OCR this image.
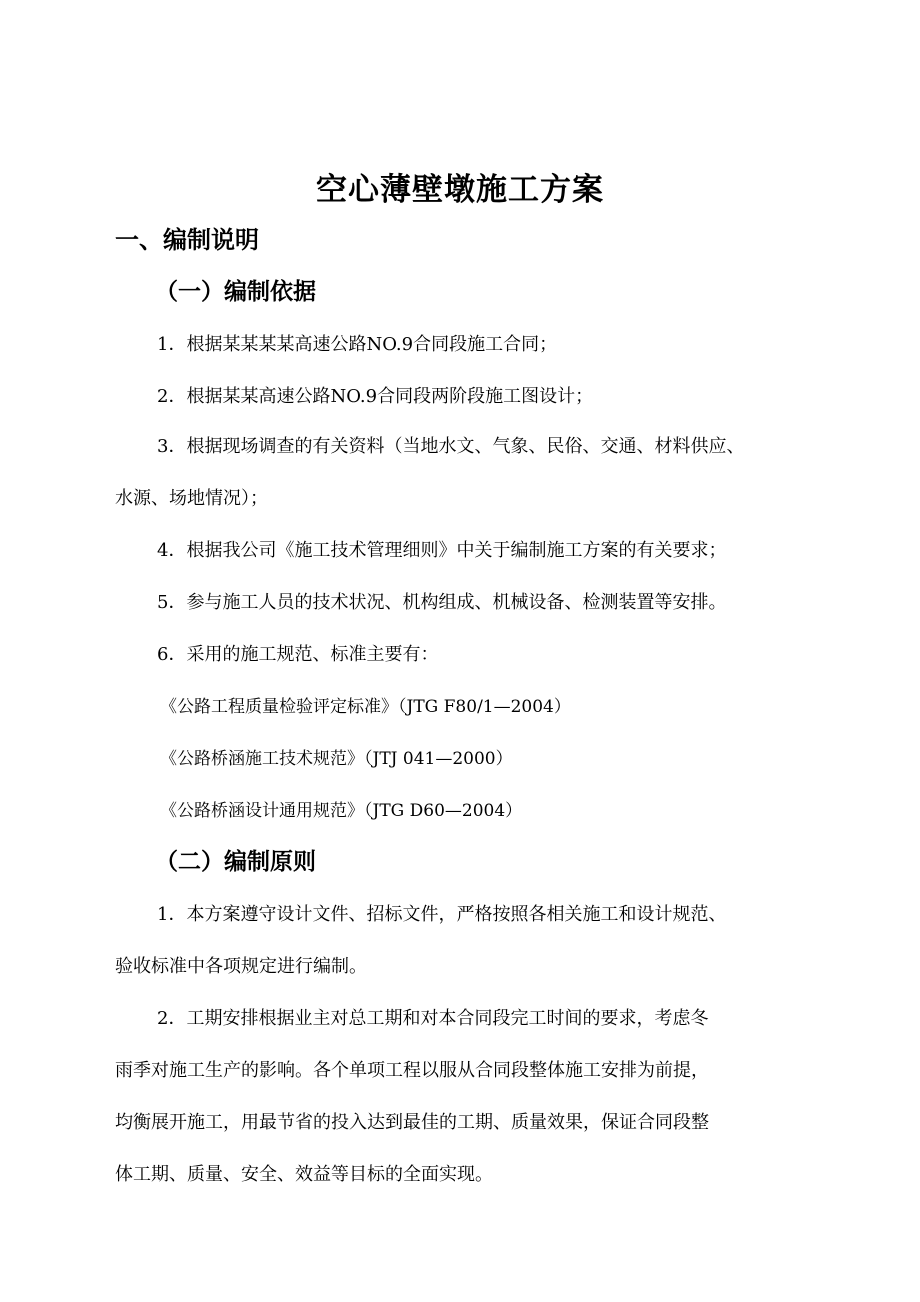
空心薄壁墩施工方案
一、编制说明
（一）编制依据
1．根据某某某某高速公路NO.9合同段施工合同；
2．根据某某高速公路NO.9合同段两阶段施工图设计；
3．根据现场调查的有关资料（当地水文、气象、民俗、交通、材料供应、
水源、场地情况）；
4．根据我公司《施工技术管理细则》中关于编制施工方案的有关要求；
5．参与施工人员的技术状况、机构组成、机械设备、检测装置等安排。
6．采用的施工规范、标准主要有：
《公路工程质量检验评定标准》（JTG F80/1—2004）
《公路桥涵施工技术规范》（JTJ 041—2000）
《公路桥涵设计通用规范》（JTG D60—2004）
（二）编制原则
1．本方案遵守设计文件、招标文件，严格按照各相关施工和设计规范、
验收标准中各项规定进行编制。
2．工期安排根据业主对总工期和对本合同段完工时间的要求，考虑冬
雨季对施工生产的影响。各个单项工程以服从合同段整体施工安排为前提，
均衡展开施工，用最节省的投入达到最佳的工期、质量效果，保证合同段整
体工期、质量、安全、效益等目标的全面实现。
